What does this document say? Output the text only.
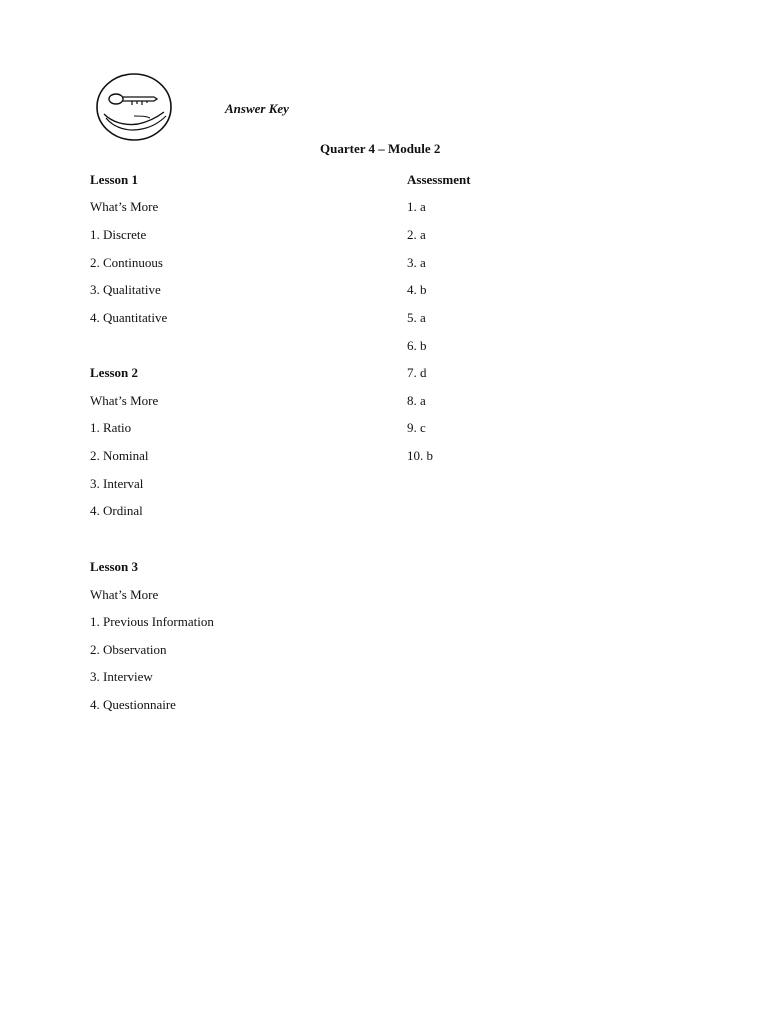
Answer Key
Quarter 4 – Module 2
Lesson 1
What’s More
1. Discrete
2. Continuous
3. Qualitative
4. Quantitative
Lesson 2
What’s More
1. Ratio
2. Nominal
3. Interval
4. Ordinal
Lesson 3
What’s More
1. Previous Information
2. Observation
3. Interview
4. Questionnaire
Assessment
1. a
2. a
3. a
4. b
5. a
6. b
7. d
8. a
9. c
10. b
